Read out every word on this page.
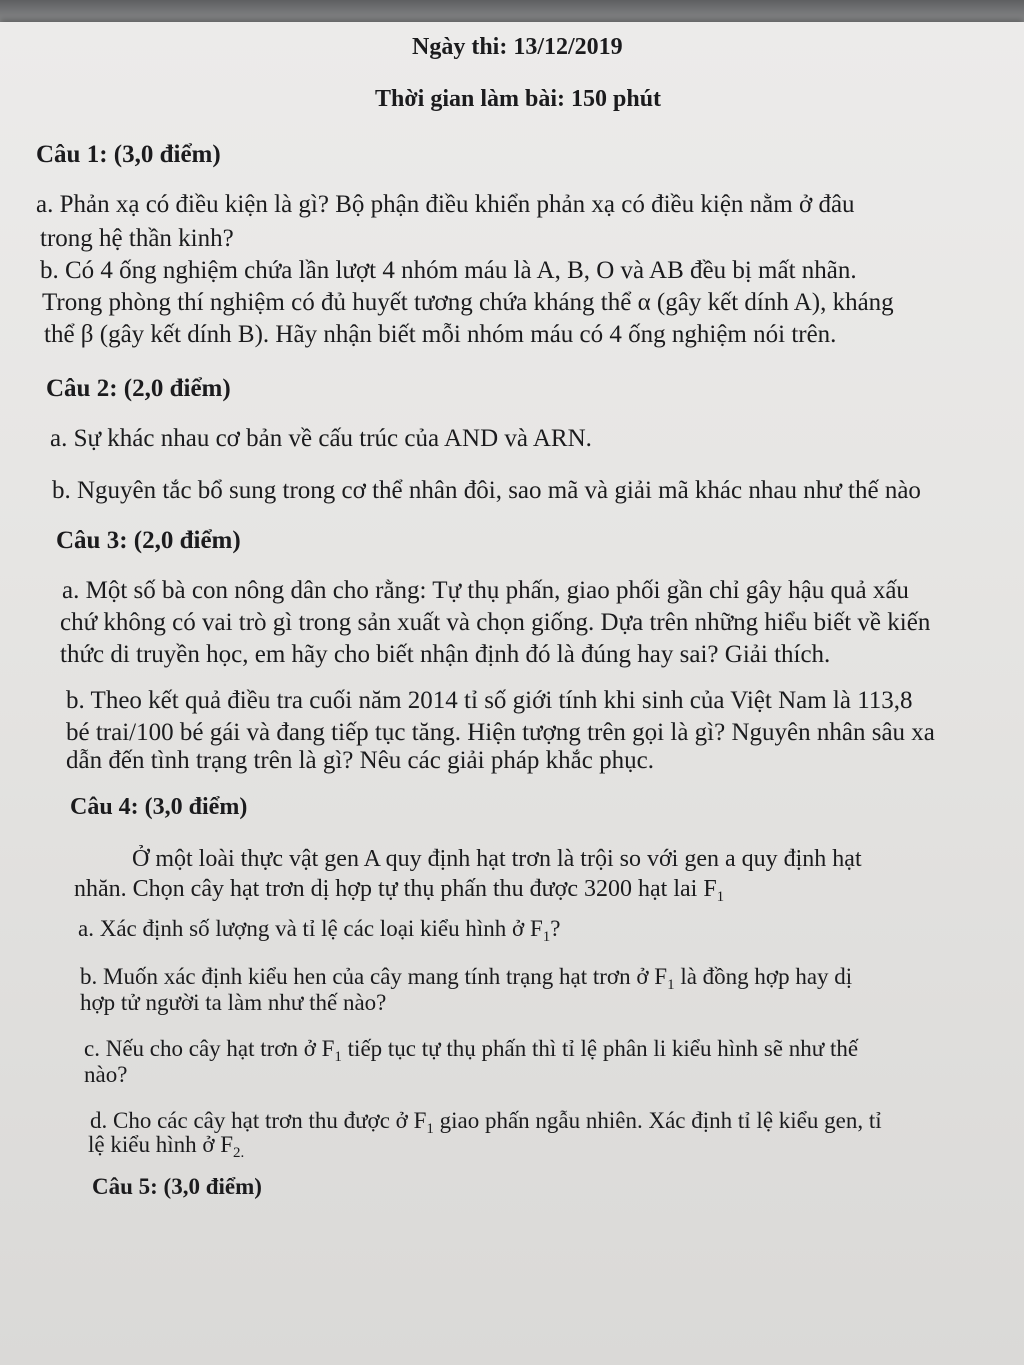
Ngày thi: 13/12/2019
Thời gian làm bài: 150 phút
Câu 1: (3,0 điểm)
a. Phản xạ có điều kiện là gì? Bộ phận điều khiển phản xạ có điều kiện nằm ở đâu
trong hệ thần kinh?
b. Có 4 ống nghiệm chứa lần lượt 4 nhóm máu là A, B, O và AB đều bị mất nhãn.
Trong phòng thí nghiệm có đủ huyết tương chứa kháng thể α (gây kết dính A), kháng
thể β (gây kết dính B). Hãy nhận biết mỗi nhóm máu có 4 ống nghiệm nói trên.
Câu 2: (2,0 điểm)
a. Sự khác nhau cơ bản về cấu trúc của AND và ARN.
b. Nguyên tắc bổ sung trong cơ thể nhân đôi, sao mã và giải mã khác nhau như thế nào
Câu 3: (2,0 điểm)
a. Một số bà con nông dân cho rằng: Tự thụ phấn, giao phối gần chỉ gây hậu quả xấu
chứ không có vai trò gì trong sản xuất và chọn giống. Dựa trên những hiểu biết về kiến
thức di truyền học, em hãy cho biết nhận định đó là đúng hay sai? Giải thích.
b. Theo kết quả điều tra cuối năm 2014 tỉ số giới tính khi sinh của Việt Nam là 113,8
bé trai/100 bé gái và đang tiếp tục tăng. Hiện tượng trên gọi là gì? Nguyên nhân sâu xa
dẫn đến tình trạng trên là gì? Nêu các giải pháp khắc phục.
Câu 4: (3,0 điểm)
Ở một loài thực vật gen A quy định hạt trơn là trội so với gen a quy định hạt
nhăn. Chọn cây hạt trơn dị hợp tự thụ phấn thu được 3200 hạt lai $F_1$
a. Xác định số lượng và tỉ lệ các loại kiểu hình ở $F_1$?
b. Muốn xác định kiểu hen của cây mang tính trạng hạt trơn ở $F_1$ là đồng hợp hay dị
hợp tử người ta làm như thế nào?
c. Nếu cho cây hạt trơn ở $F_1$ tiếp tục tự thụ phấn thì tỉ lệ phân li kiểu hình sẽ như thế
nào?
d. Cho các cây hạt trơn thu được ở $F_1$ giao phấn ngẫu nhiên. Xác định tỉ lệ kiểu gen, tỉ
lệ kiểu hình ở $F_{2.}$
Câu 5: (3,0 điểm)
